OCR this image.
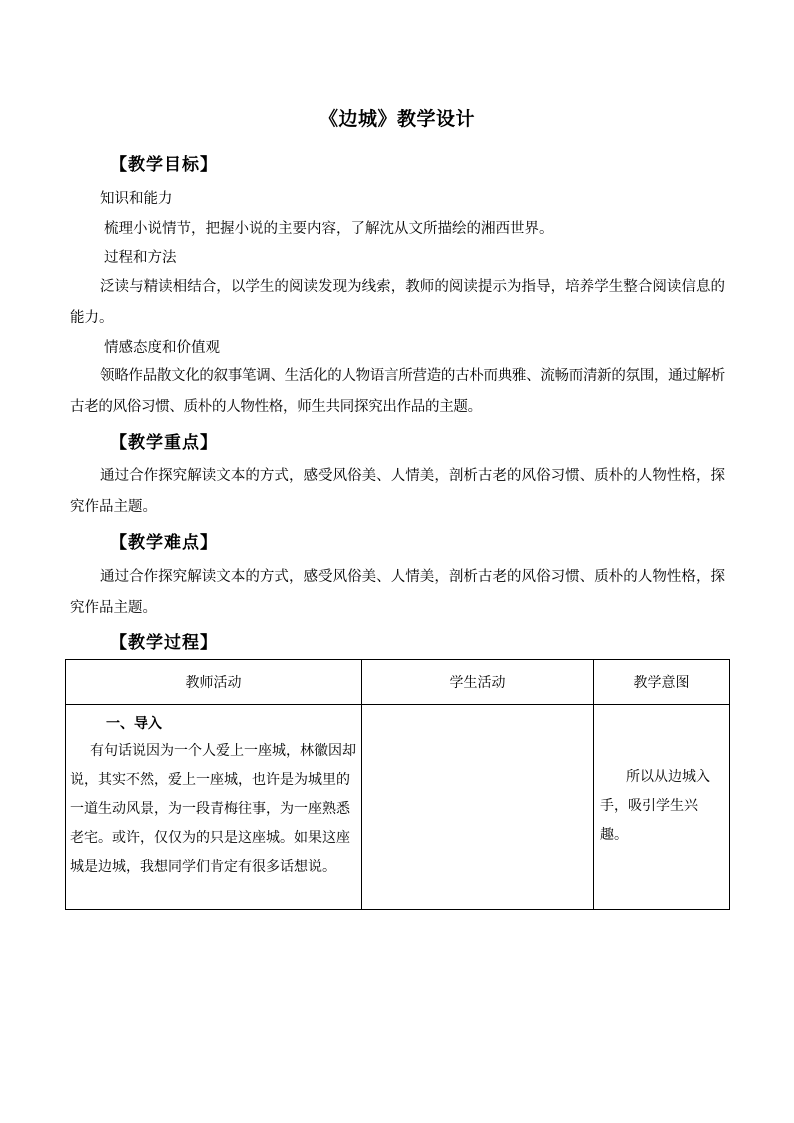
《边城》教学设计
【教学目标】
知识和能力
梳理小说情节，把握小说的主要内容，了解沈从文所描绘的湘西世界。
过程和方法
泛读与精读相结合，以学生的阅读发现为线索，教师的阅读提示为指导，培养学生整合阅读信息的能力。
情感态度和价值观
领略作品散文化的叙事笔调、生活化的人物语言所营造的古朴而典雅、流畅而清新的氛围，通过解析古老的风俗习惯、质朴的人物性格，师生共同探究出作品的主题。
【教学重点】
通过合作探究解读文本的方式，感受风俗美、人情美，剖析古老的风俗习惯、质朴的人物性格，探究作品主题。
【教学难点】
通过合作探究解读文本的方式，感受风俗美、人情美，剖析古老的风俗习惯、质朴的人物性格，探究作品主题。
【教学过程】
教师活动	学生活动	教学意图

一、导入
有句话说因为一个人爱上一座城，林徽因却说，其实不然，爱上一座城，也许是为城里的一道生动风景，为一段青梅往事，为一座熟悉老宅。或许，仅仅为的只是这座城。如果这座城是边城，我想同学们肯定有很多话想说。		所以从边城入手，吸引学生兴趣。
